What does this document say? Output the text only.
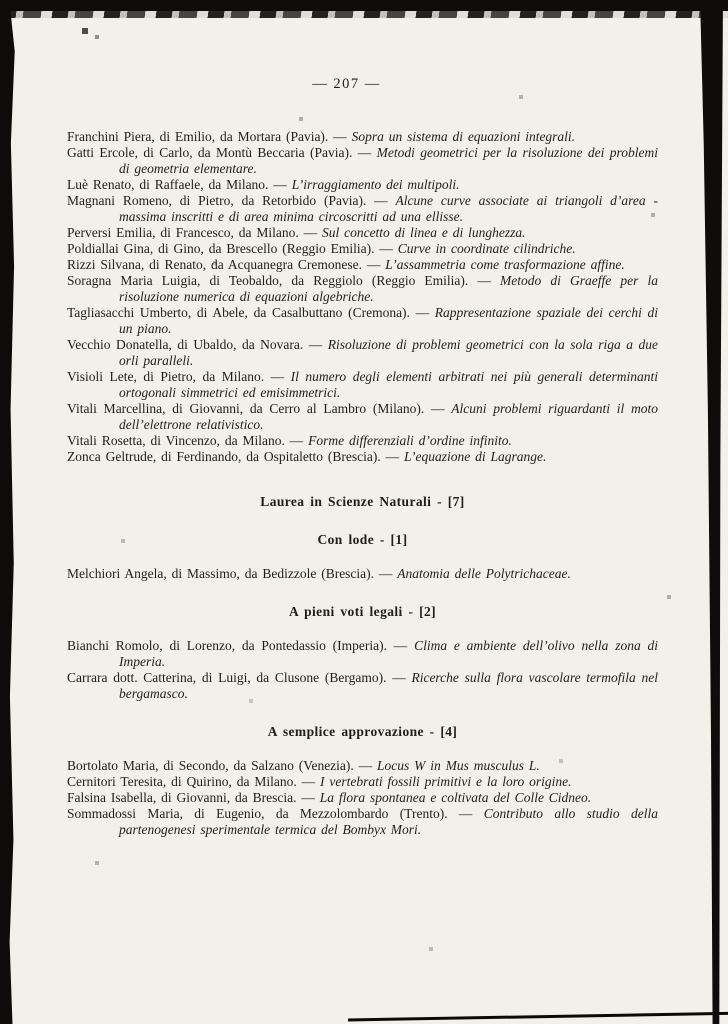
— 207 —

Franchini Piera, di Emilio, da Mortara (Pavia). — Sopra un sistema di equazioni integrali.

Gatti Ercole, di Carlo, da Montù Beccaria (Pavia). — Metodi geometrici per la risoluzione dei problemi di geometria elementare.

Luè Renato, di Raffaele, da Milano. — L’irraggiamento dei multipoli.

Magnani Romeno, di Pietro, da Retorbido (Pavia). — Alcune curve associate ai triangoli d’area - massima inscritti e di area minima circoscritti ad una ellisse.

Perversi Emilia, di Francesco, da Milano. — Sul concetto di linea e di lunghezza.

Poldiallai Gina, di Gino, da Brescello (Reggio Emilia). — Curve in coordinate cilindriche.

Rizzi Silvana, di Renato, da Acquanegra Cremonese. — L’assammetria come trasformazione affine.

Soragna Maria Luigia, di Teobaldo, da Reggiolo (Reggio Emilia). — Metodo di Graeffe per la risoluzione numerica di equazioni algebriche.

Tagliasacchi Umberto, di Abele, da Casalbuttano (Cremona). — Rappresentazione spaziale dei cerchi di un piano.

Vecchio Donatella, di Ubaldo, da Novara. — Risoluzione di problemi geometrici con la sola riga a due orli paralleli.

Visioli Lete, di Pietro, da Milano. — Il numero degli elementi arbitrati nei più generali determinanti ortogonali simmetrici ed emisimmetrici.

Vitali Marcellina, di Giovanni, da Cerro al Lambro (Milano). — Alcuni problemi riguardanti il moto dell’elettrone relativistico.

Vitali Rosetta, di Vincenzo, da Milano. — Forme differenziali d’ordine infinito.

Zonca Geltrude, di Ferdinando, da Ospitaletto (Brescia). — L’equazione di Lagrange.

Laurea in Scienze Naturali - [7]

Con lode - [1]

Melchiori Angela, di Massimo, da Bedizzole (Brescia). — Anatomia delle Polytrichaceae.

A pieni voti legali - [2]

Bianchi Romolo, di Lorenzo, da Pontedassio (Imperia). — Clima e ambiente dell’olivo nella zona di Imperia.

Carrara dott. Catterina, di Luigi, da Clusone (Bergamo). — Ricerche sulla flora vascolare termofila nel bergamasco.

A semplice approvazione - [4]

Bortolato Maria, di Secondo, da Salzano (Venezia). — Locus W in Mus musculus L.

Cernitori Teresita, di Quirino, da Milano. — I vertebrati fossili primitivi e la loro origine.

Falsina Isabella, di Giovanni, da Brescia. — La flora spontanea e coltivata del Colle Cidneo.

Sommadossi Maria, di Eugenio, da Mezzolombardo (Trento). — Contributo allo studio della partenogenesi sperimentale termica del Bombyx Mori.
